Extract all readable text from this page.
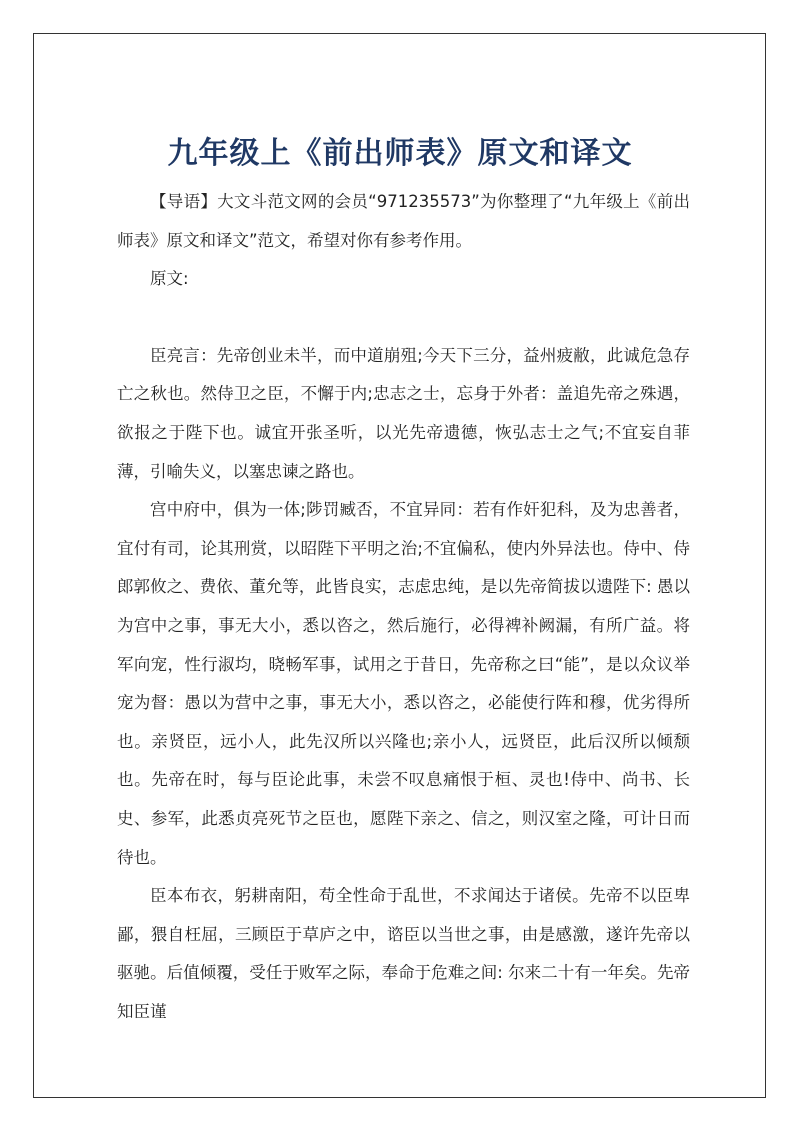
九年级上《前出师表》原文和译文

【导语】大文斗范文网的会员“971235573”为你整理了“九年级上《前出师表》原文和译文”范文，希望对你有参考作用。

原文:

臣亮言：先帝创业未半，而中道崩殂;今天下三分，益州疲敝，此诚危急存亡之秋也。然侍卫之臣，不懈于内;忠志之士，忘身于外者：盖追先帝之殊遇，欲报之于陛下也。诚宜开张圣听，以光先帝遗德，恢弘志士之气;不宜妄自菲薄，引喻失义，以塞忠谏之路也。

宫中府中，俱为一体;陟罚臧否，不宜异同：若有作奸犯科，及为忠善者，宜付有司，论其刑赏，以昭陛下平明之治;不宜偏私，使内外异法也。侍中、侍郎郭攸之、费依、董允等，此皆良实，志虑忠纯，是以先帝简拔以遗陛下: 愚以为宫中之事，事无大小，悉以咨之，然后施行，必得裨补阙漏，有所广益。将军向宠，性行淑均，晓畅军事，试用之于昔日，先帝称之曰“能”，是以众议举宠为督：愚以为营中之事，事无大小，悉以咨之，必能使行阵和穆，优劣得所也。亲贤臣，远小人，此先汉所以兴隆也;亲小人，远贤臣，此后汉所以倾颓也。先帝在时，每与臣论此事，未尝不叹息痛恨于桓、灵也!侍中、尚书、长史、参军，此悉贞亮死节之臣也，愿陛下亲之、信之，则汉室之隆，可计日而待也。

臣本布衣，躬耕南阳，苟全性命于乱世，不求闻达于诸侯。先帝不以臣卑鄙，猥自枉屈，三顾臣于草庐之中，谘臣以当世之事，由是感激，遂许先帝以驱驰。后值倾覆，受任于败军之际，奉命于危难之间: 尔来二十有一年矣。先帝知臣谨
